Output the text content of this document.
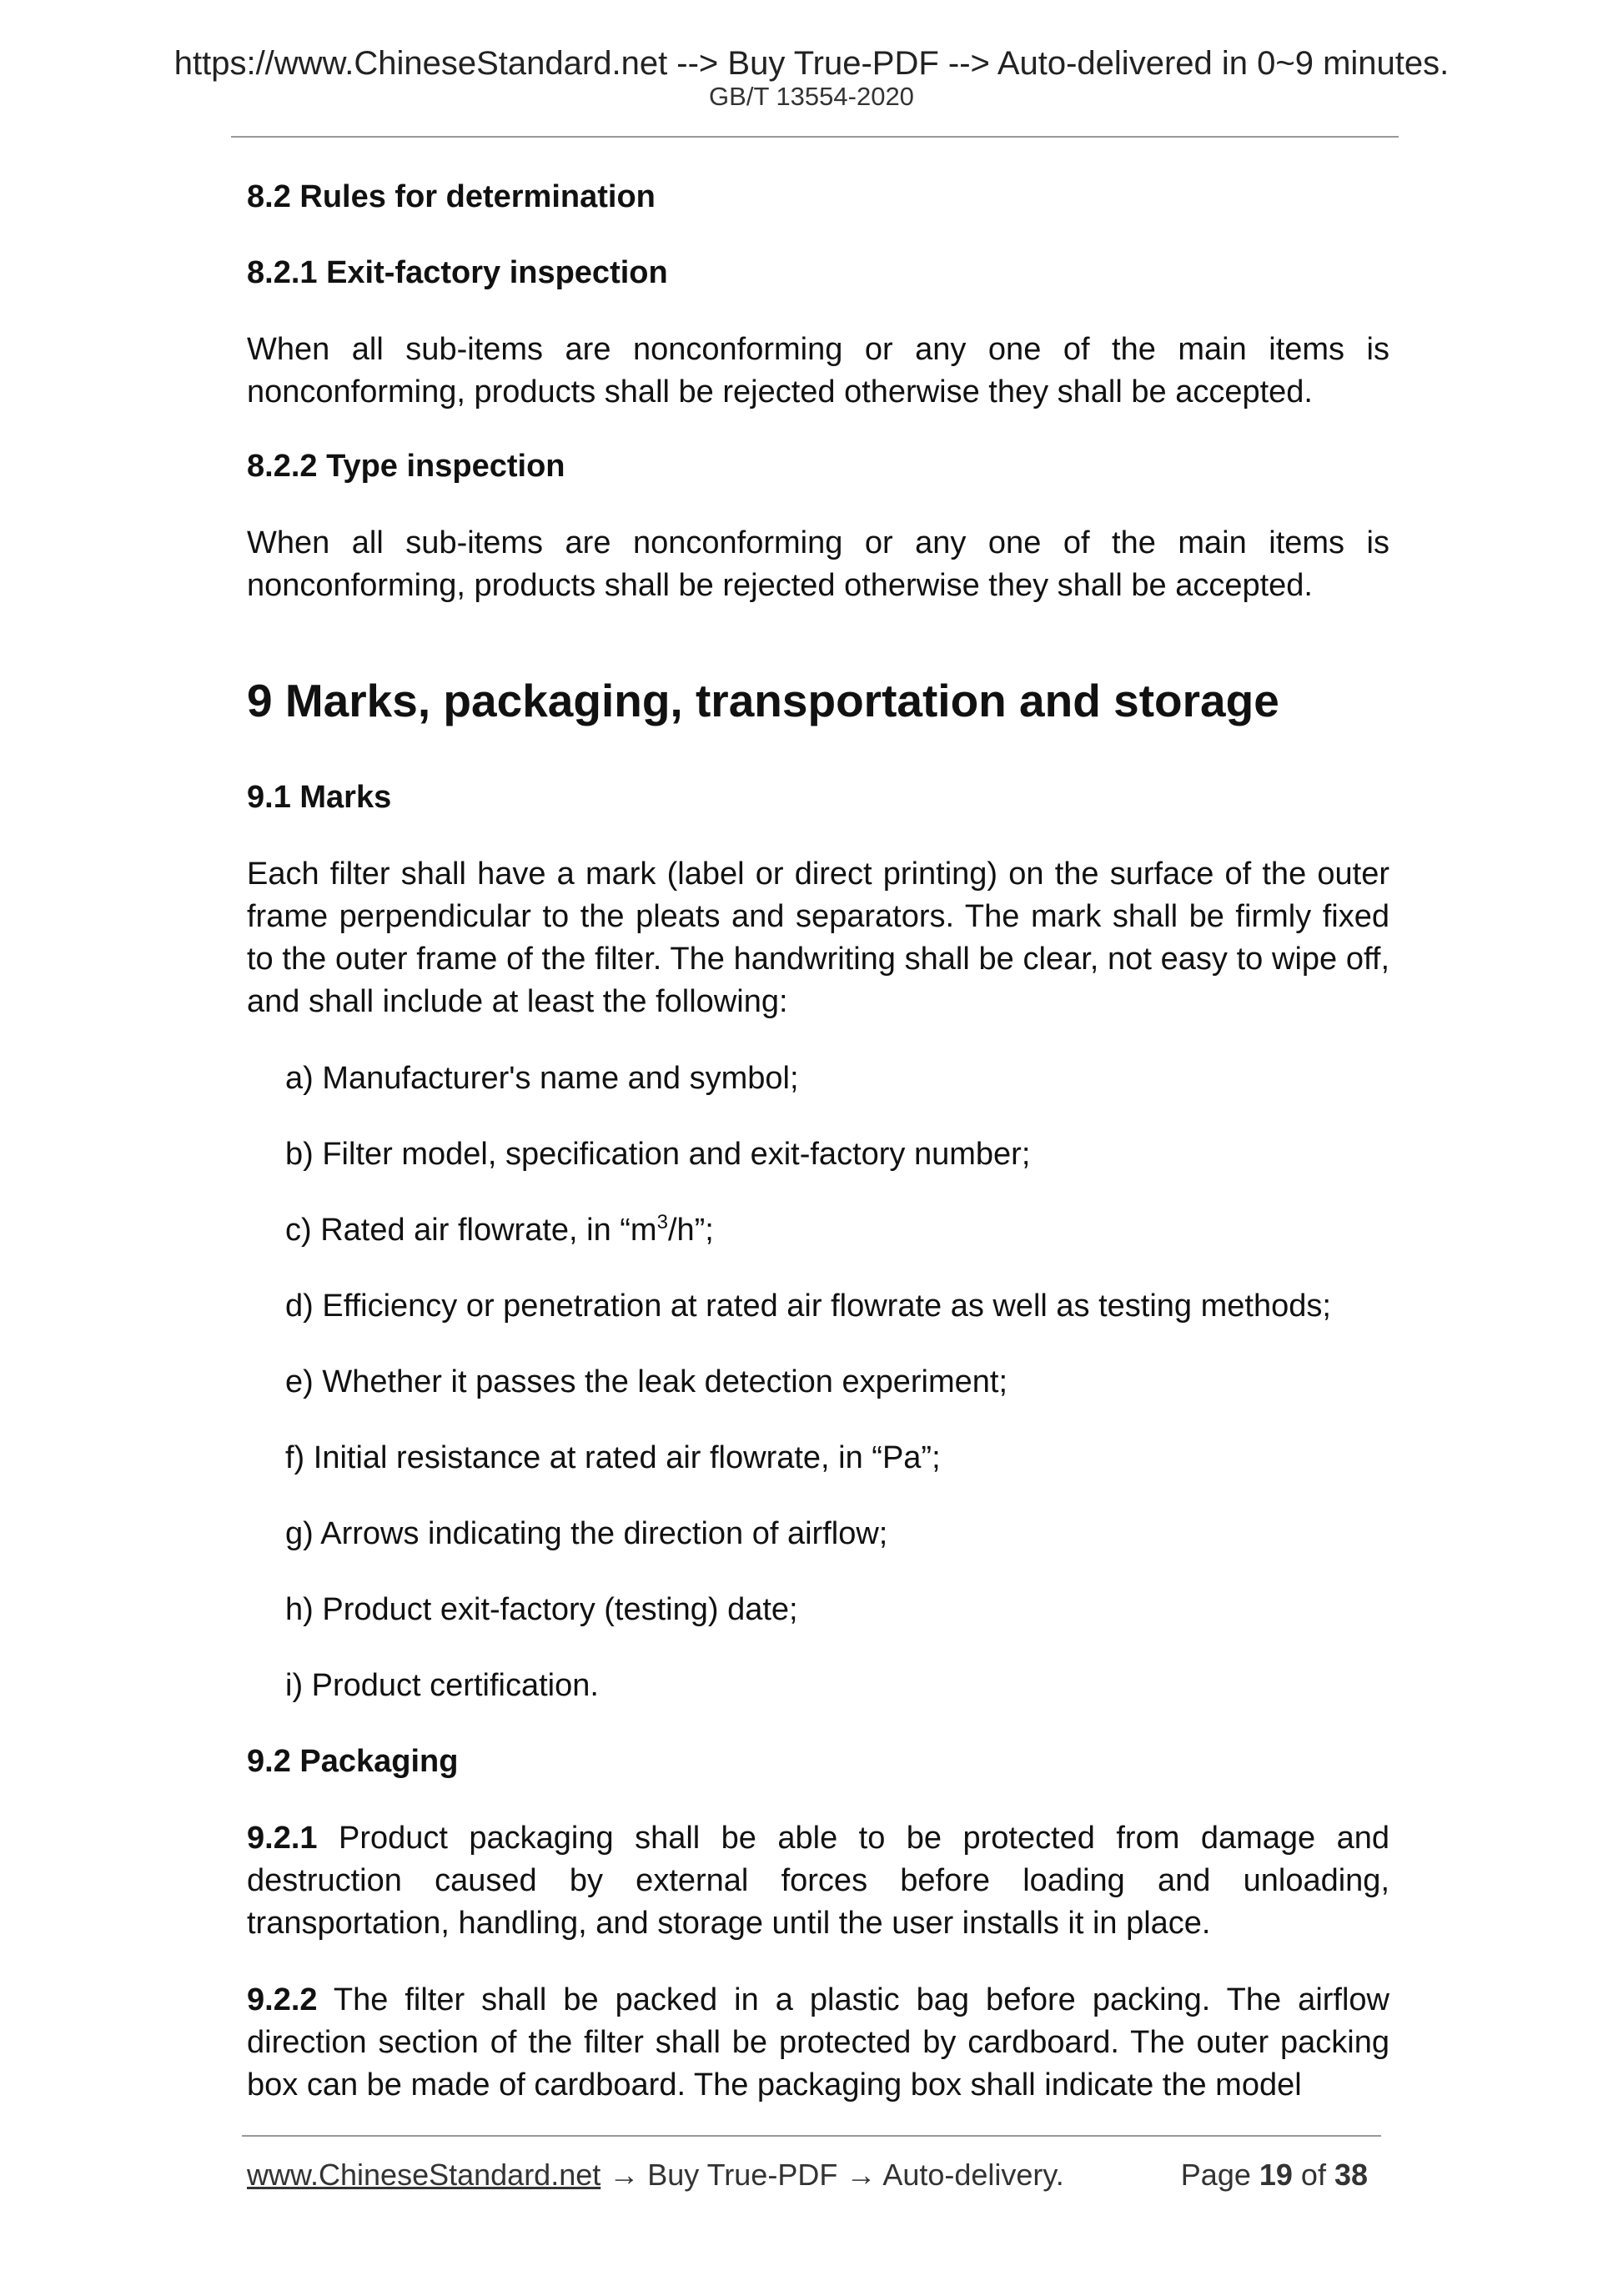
https://www.ChineseStandard.net --> Buy True-PDF --> Auto-delivered in 0~9 minutes.
GB/T 13554-2020
8.2 Rules for determination
8.2.1 Exit-factory inspection
When all sub-items are nonconforming or any one of the main items is nonconforming, products shall be rejected otherwise they shall be accepted.
8.2.2 Type inspection
When all sub-items are nonconforming or any one of the main items is nonconforming, products shall be rejected otherwise they shall be accepted.
9 Marks, packaging, transportation and storage
9.1 Marks
Each filter shall have a mark (label or direct printing) on the surface of the outer frame perpendicular to the pleats and separators. The mark shall be firmly fixed to the outer frame of the filter. The handwriting shall be clear, not easy to wipe off, and shall include at least the following:
a) Manufacturer's name and symbol;
b) Filter model, specification and exit-factory number;
c) Rated air flowrate, in “$m^3/h$”;
d) Efficiency or penetration at rated air flowrate as well as testing methods;
e) Whether it passes the leak detection experiment;
f) Initial resistance at rated air flowrate, in “Pa”;
g) Arrows indicating the direction of airflow;
h) Product exit-factory (testing) date;
i) Product certification.
9.2 Packaging
9.2.1 Product packaging shall be able to be protected from damage and destruction caused by external forces before loading and unloading, transportation, handling, and storage until the user installs it in place.
9.2.2 The filter shall be packed in a plastic bag before packing. The airflow direction section of the filter shall be protected by cardboard. The outer packing box can be made of cardboard. The packaging box shall indicate the model
www.ChineseStandard.net → Buy True-PDF → Auto-delivery.	Page 19 of 38
